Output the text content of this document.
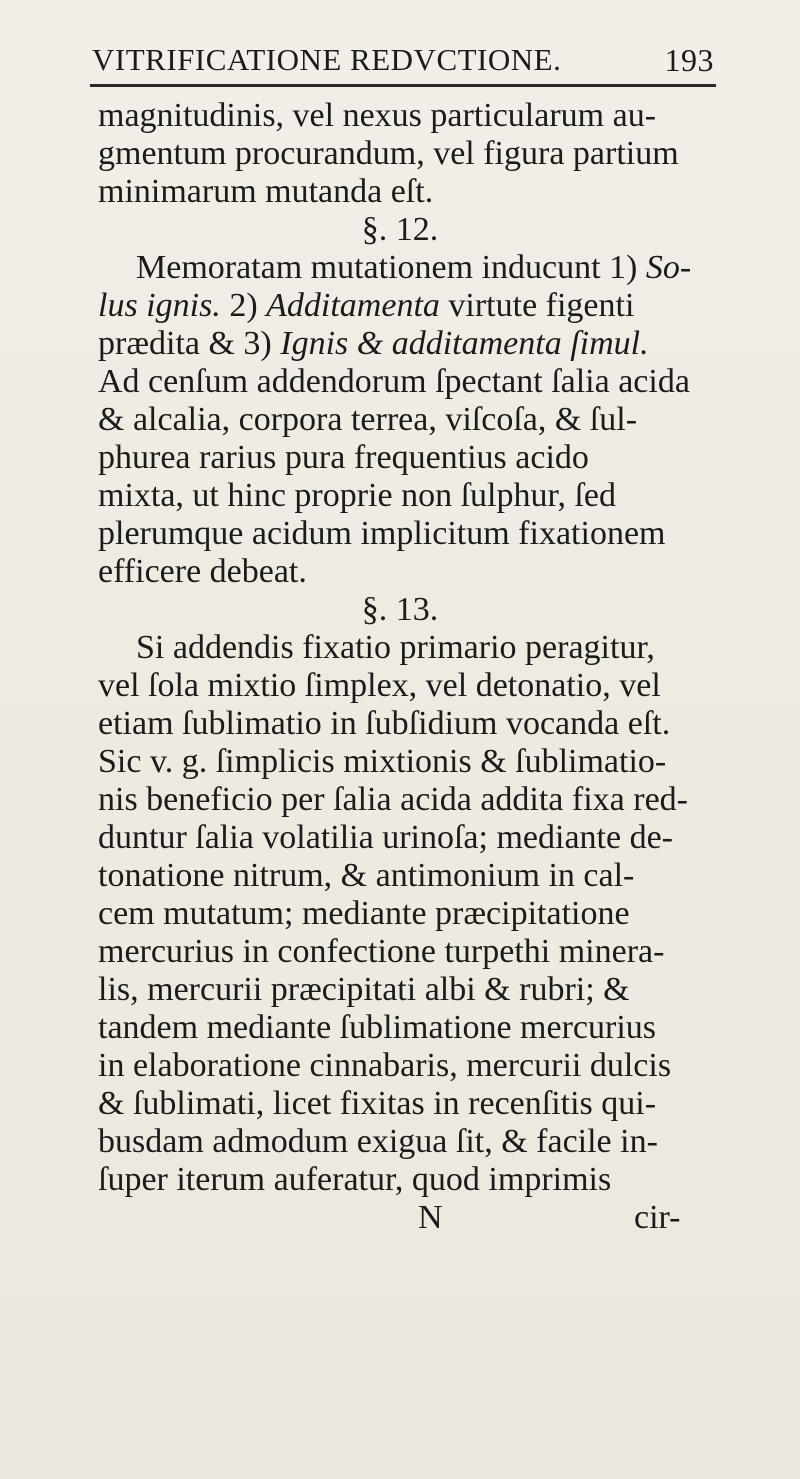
VITRIFICATIONE REDVCTIONE.	193
magnitudinis, vel nexus particularum au-
gmentum procurandum, vel figura partium
minimarum mutanda eſt.
§. 12.
Memoratam mutationem inducunt 1) So-
lus ignis. 2) Additamenta virtute figenti
prædita & 3) Ignis & additamenta ſimul.
Ad cenſum addendorum ſpectant ſalia acida
& alcalia, corpora terrea, viſcoſa, & ſul-
phurea rarius pura frequentius acido
mixta, ut hinc proprie non ſulphur, ſed
plerumque acidum implicitum fixationem
efficere debeat.
§. 13.
Si addendis fixatio primario peragitur,
vel ſola mixtio ſimplex, vel detonatio, vel
etiam ſublimatio in ſubſidium vocanda eſt.
Sic v. g. ſimplicis mixtionis & ſublimatio-
nis beneficio per ſalia acida addita fixa red-
duntur ſalia volatilia urinoſa; mediante de-
tonatione nitrum, & antimonium in cal-
cem mutatum; mediante præcipitatione
mercurius in confectione turpethi minera-
lis, mercurii præcipitati albi & rubri; &
tandem mediante ſublimatione mercurius
in elaboratione cinnabaris, mercurii dulcis
& ſublimati, licet fixitas in recenſitis qui-
busdam admodum exigua ſit, & facile in-
ſuper iterum auferatur, quod imprimis
N	cir-
